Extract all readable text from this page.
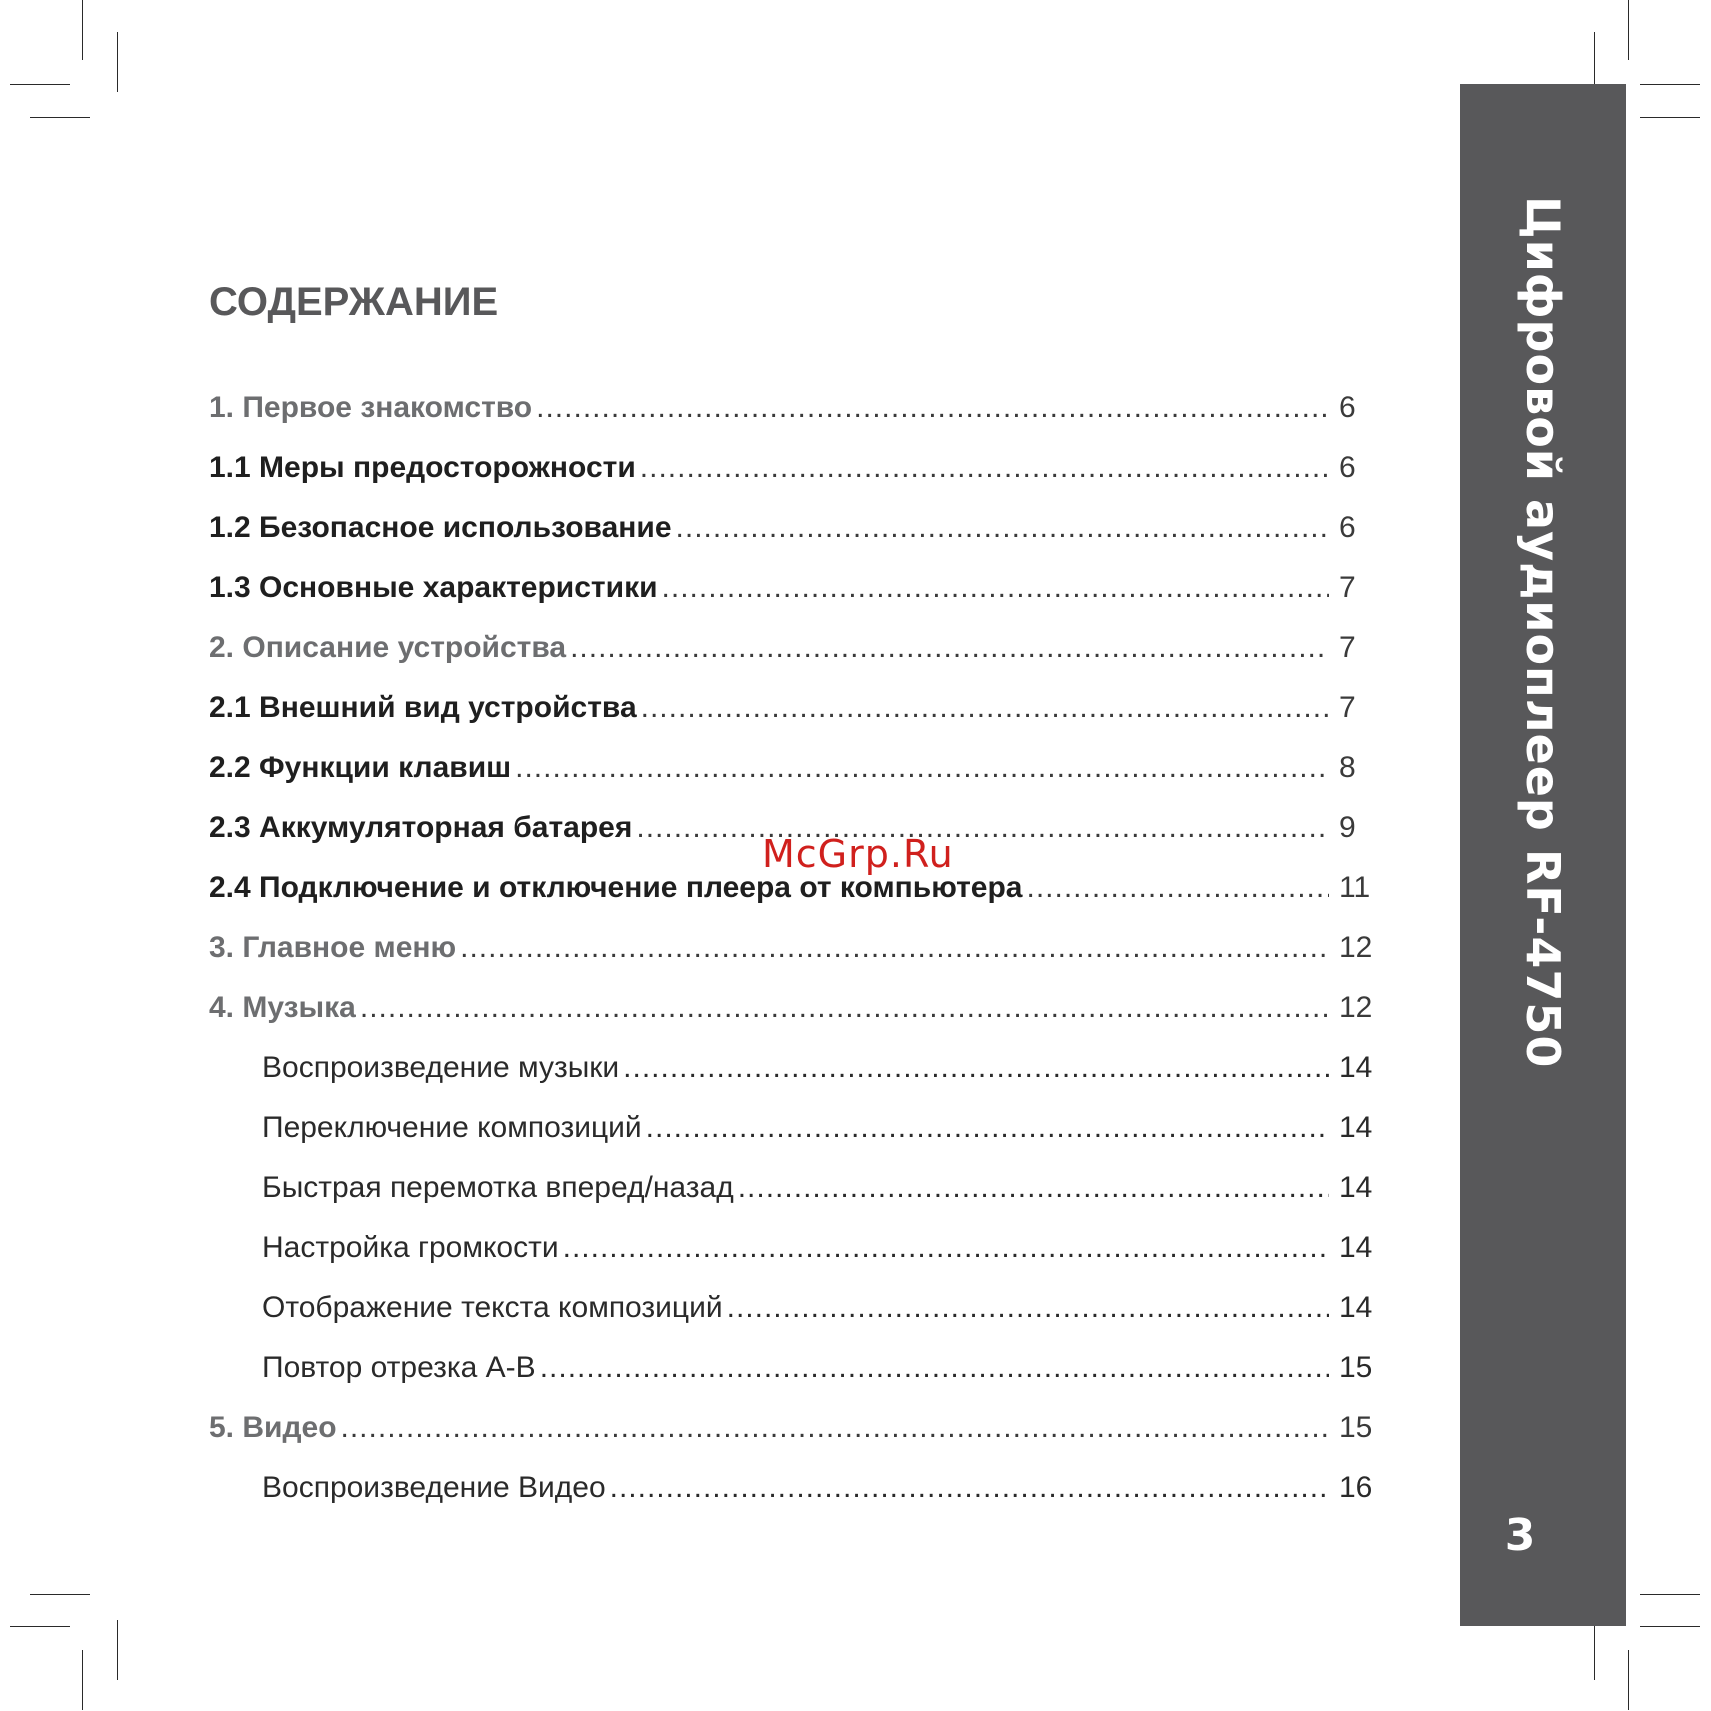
Цифровой аудиоплеер RF-4750
3
СОДЕРЖАНИЕ
1. Первое знакомство .....	6
1.1 Меры предосторожности .....	6
1.2 Безопасное использование .....	6
1.3 Основные характеристики .....	7
2. Описание устройства .....	7
2.1 Внешний вид устройства .....	7
2.2 Функции клавиш .....	8
2.3 Аккумуляторная батарея .....	9
2.4 Подключение и отключение плеера от компьютера .....	11
3. Главное меню .....	12
4. Музыка .....	12
Воспроизведение музыки .....	14
Переключение композиций .....	14
Быстрая перемотка вперед/назад .....	14
Настройка громкости .....	14
Отображение текста композиций .....	14
Повтор отрезка А-В .....	15
5. Видео .....	15
Воспроизведение Видео .....	16
McGrp.Ru
